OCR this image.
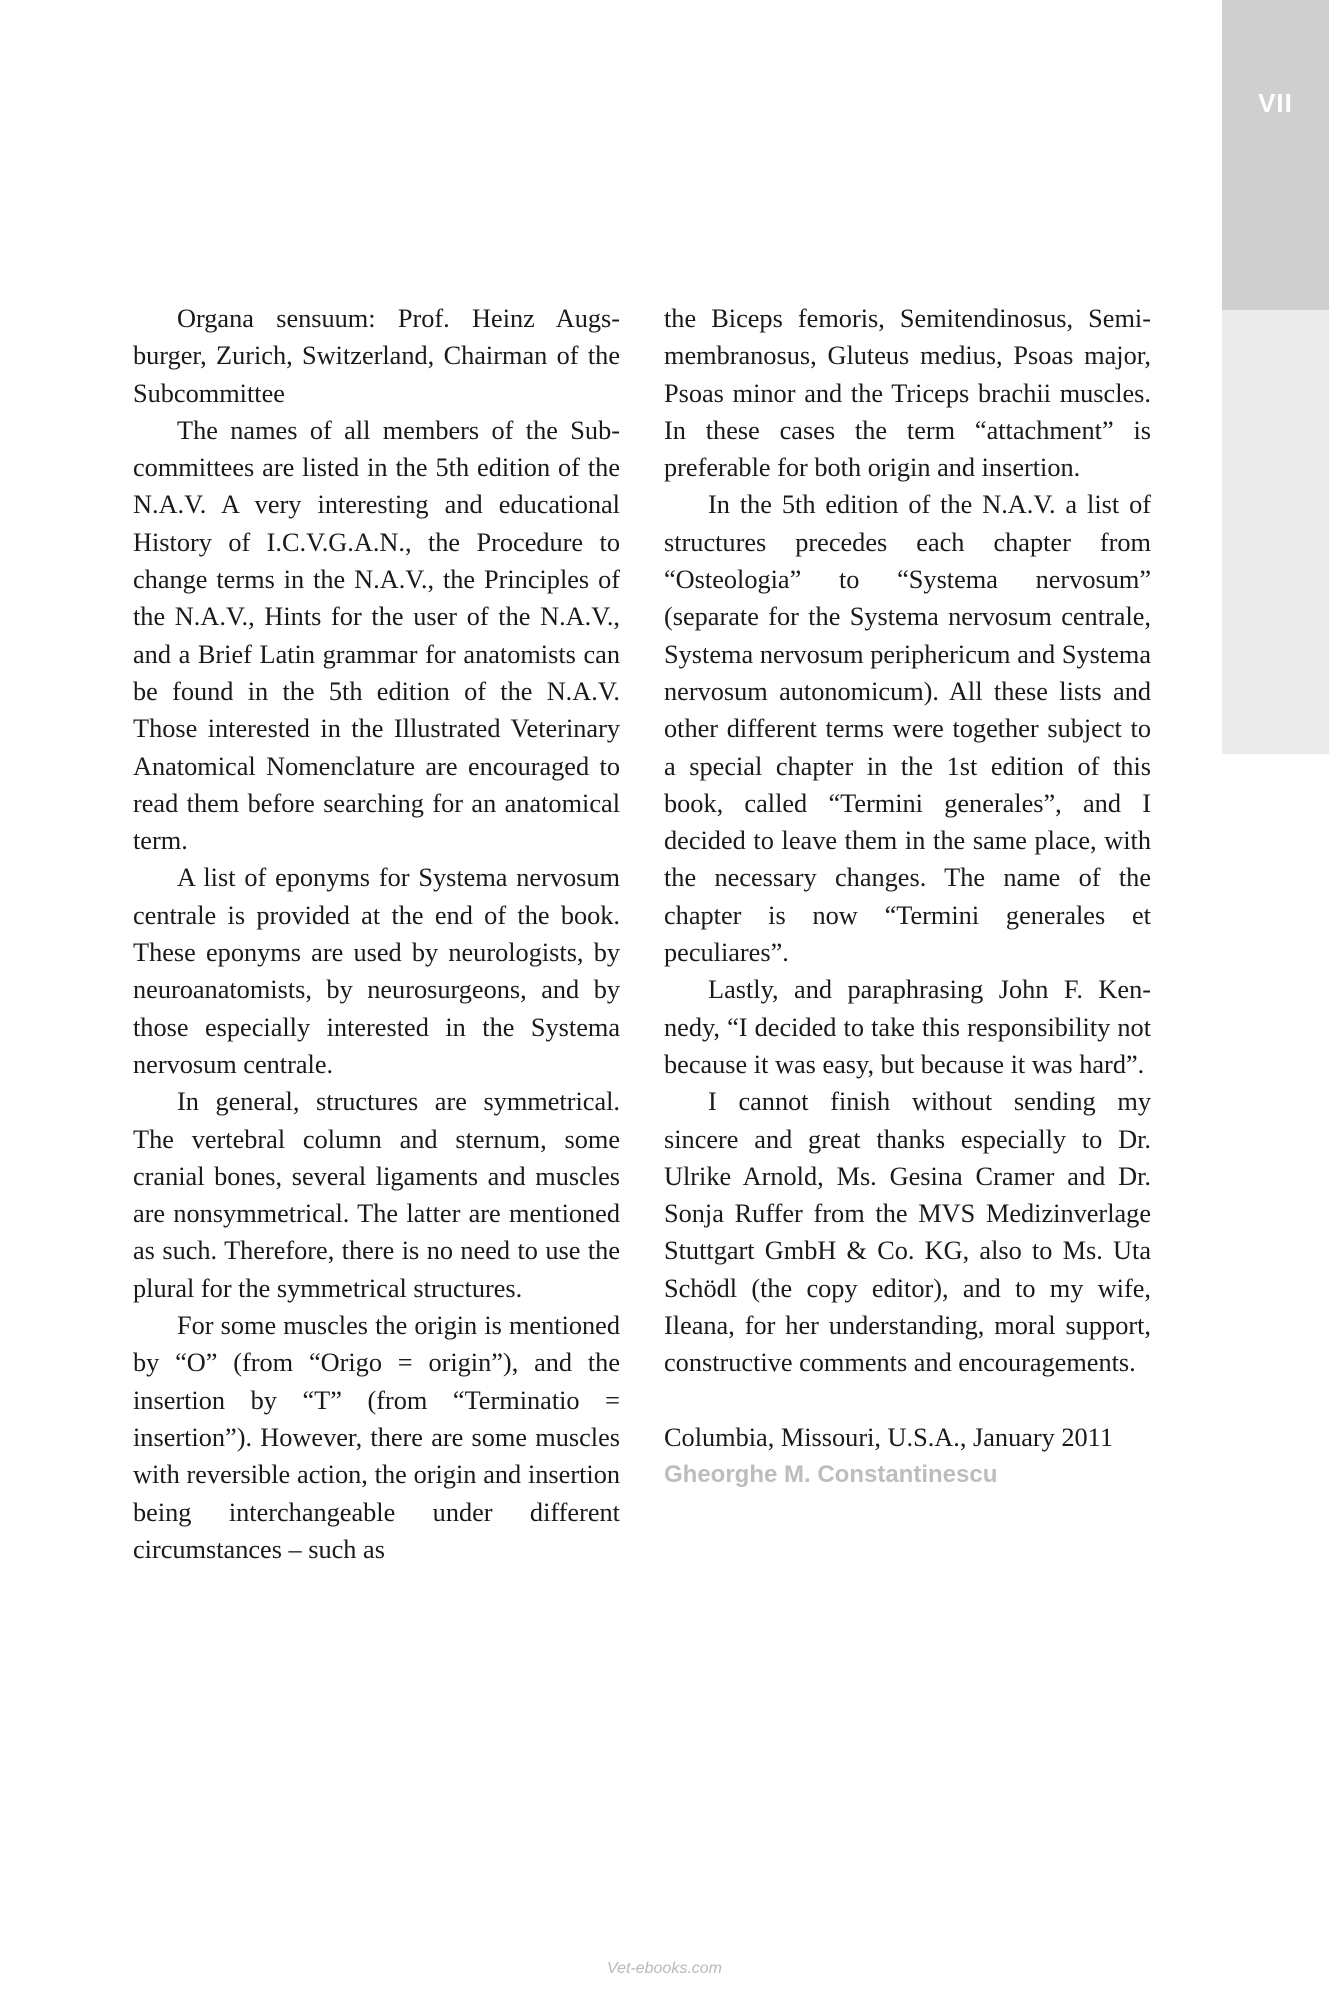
VII

Organa sensuum: Prof. Heinz Augsburger, Zurich, Switzerland, Chairman of the Subcommittee

The names of all members of the Subcommittees are listed in the 5th edition of the N.A.V. A very interesting and educational History of I.C.V.G.A.N., the Procedure to change terms in the N.A.V., the Principles of the N.A.V., Hints for the user of the N.A.V., and a Brief Latin grammar for anatomists can be found in the 5th edition of the N.A.V. Those interested in the Illustrated Veterinary Anatomical Nomenclature are encouraged to read them before searching for an anatomical term.

A list of eponyms for Systema nervosum centrale is provided at the end of the book. These eponyms are used by neurologists, by neuroanatomists, by neurosurgeons, and by those especially interested in the Systema nervosum centrale.

In general, structures are symmetrical. The vertebral column and sternum, some cranial bones, several ligaments and muscles are nonsymmetrical. The latter are mentioned as such. Therefore, there is no need to use the plural for the symmetrical structures.

For some muscles the origin is mentioned by “O” (from “Origo = origin”), and the insertion by “T” (from “Terminatio = insertion”). However, there are some muscles with reversible action, the origin and insertion being interchangeable under different circumstances – such as

the Biceps femoris, Semitendinosus, Semimembranosus, Gluteus medius, Psoas major, Psoas minor and the Triceps brachii muscles. In these cases the term “attachment” is preferable for both origin and insertion.

In the 5th edition of the N.A.V. a list of structures precedes each chapter from “Osteologia” to “Systema nervosum” (separate for the Systema nervosum centrale, Systema nervosum periphericum and Systema nervosum autonomicum). All these lists and other different terms were together subject to a special chapter in the 1st edition of this book, called “Termini generales”, and I decided to leave them in the same place, with the necessary changes. The name of the chapter is now “Termini generales et peculiares”.

Lastly, and paraphrasing John F. Kennedy, “I decided to take this responsibility not because it was easy, but because it was hard”.

I cannot finish without sending my sincere and great thanks especially to Dr. Ulrike Arnold, Ms. Gesina Cramer and Dr. Sonja Ruffer from the MVS Medizinverlage Stuttgart GmbH & Co. KG, also to Ms. Uta Schödl (the copy editor), and to my wife, Ileana, for her understanding, moral support, constructive comments and encouragements.

Columbia, Missouri, U.S.A., January 2011

Gheorghe M. Constantinescu

Vet-ebooks.com
